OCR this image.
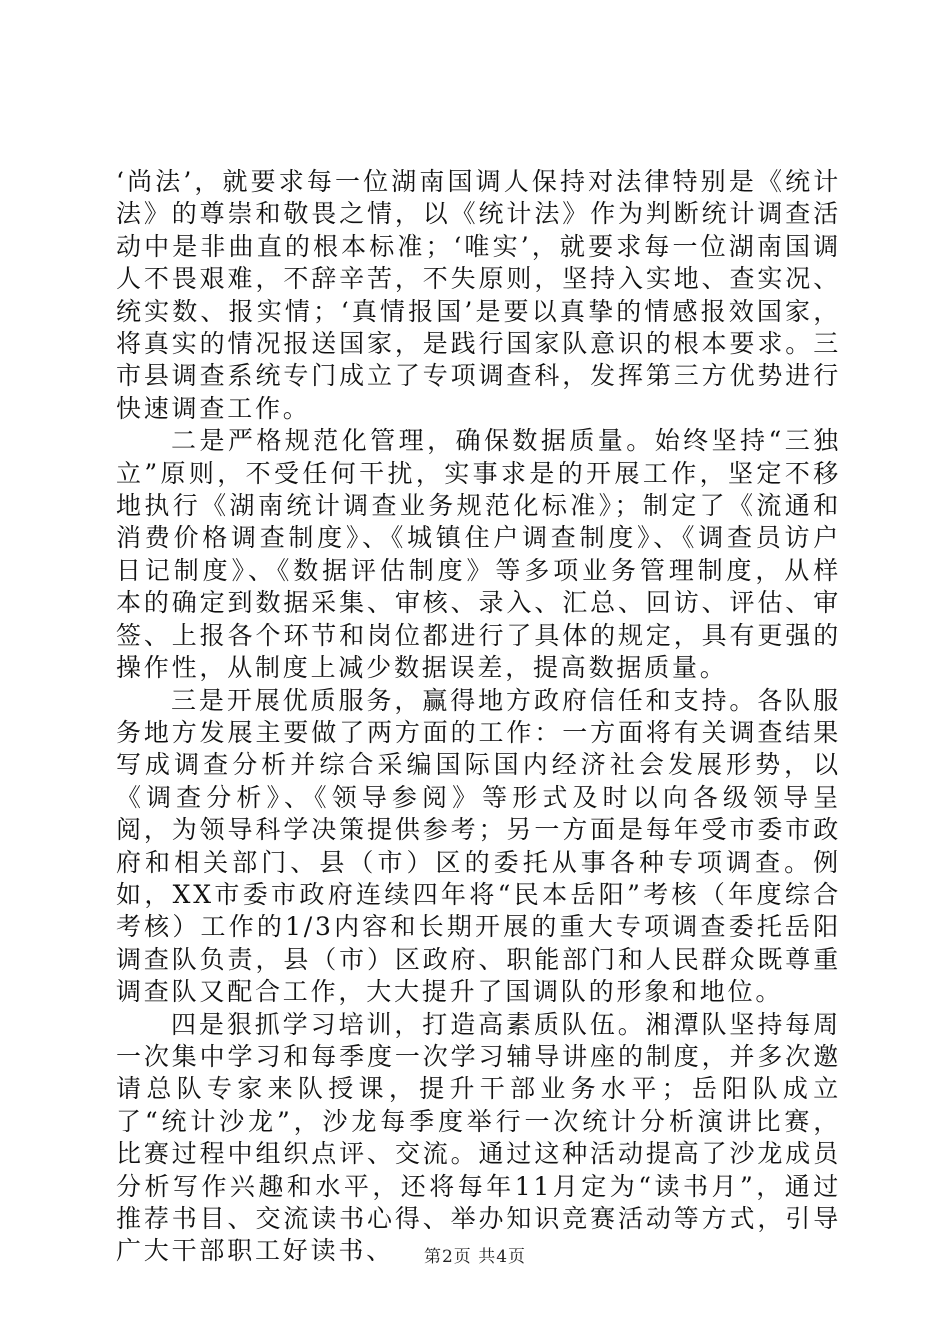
‘尚法’，就要求每一位湖南国调人保持对法律特别是《统计法》的尊崇和敬畏之情，以《统计法》作为判断统计调查活动中是非曲直的根本标准；‘唯实’，就要求每一位湖南国调人不畏艰难，不辞辛苦，不失原则，坚持入实地、查实况、统实数、报实情；‘真情报国’是要以真挚的情感报效国家，将真实的情况报送国家，是践行国家队意识的根本要求。三市县调查系统专门成立了专项调查科，发挥第三方优势进行快速调查工作。

二是严格规范化管理，确保数据质量。始终坚持“三独立”原则，不受任何干扰，实事求是的开展工作，坚定不移地执行《湖南统计调查业务规范化标准》；制定了《流通和消费价格调查制度》、《城镇住户调查制度》、《调查员访户日记制度》、《数据评估制度》等多项业务管理制度，从样本的确定到数据采集、审核、录入、汇总、回访、评估、审签、上报各个环节和岗位都进行了具体的规定，具有更强的操作性，从制度上减少数据误差，提高数据质量。

三是开展优质服务，赢得地方政府信任和支持。各队服务地方发展主要做了两方面的工作：一方面将有关调查结果写成调查分析并综合采编国际国内经济社会发展形势，以《调查分析》、《领导参阅》等形式及时以向各级领导呈阅，为领导科学决策提供参考；另一方面是每年受市委市政府和相关部门、县（市）区的委托从事各种专项调查。例如，XX市委市政府连续四年将“民本岳阳”考核（年度综合考核）工作的1/3内容和长期开展的重大专项调查委托岳阳调查队负责，县（市）区政府、职能部门和人民群众既尊重调查队又配合工作，大大提升了国调队的形象和地位。

四是狠抓学习培训，打造高素质队伍。湘潭队坚持每周一次集中学习和每季度一次学习辅导讲座的制度，并多次邀请总队专家来队授课，提升干部业务水平；岳阳队成立了“统计沙龙”，沙龙每季度举行一次统计分析演讲比赛，比赛过程中组织点评、交流。通过这种活动提高了沙龙成员分析写作兴趣和水平，还将每年11月定为“读书月”，通过推荐书目、交流读书心得、举办知识竞赛活动等方式，引导广大干部职工好读书、	第2页 共4页
